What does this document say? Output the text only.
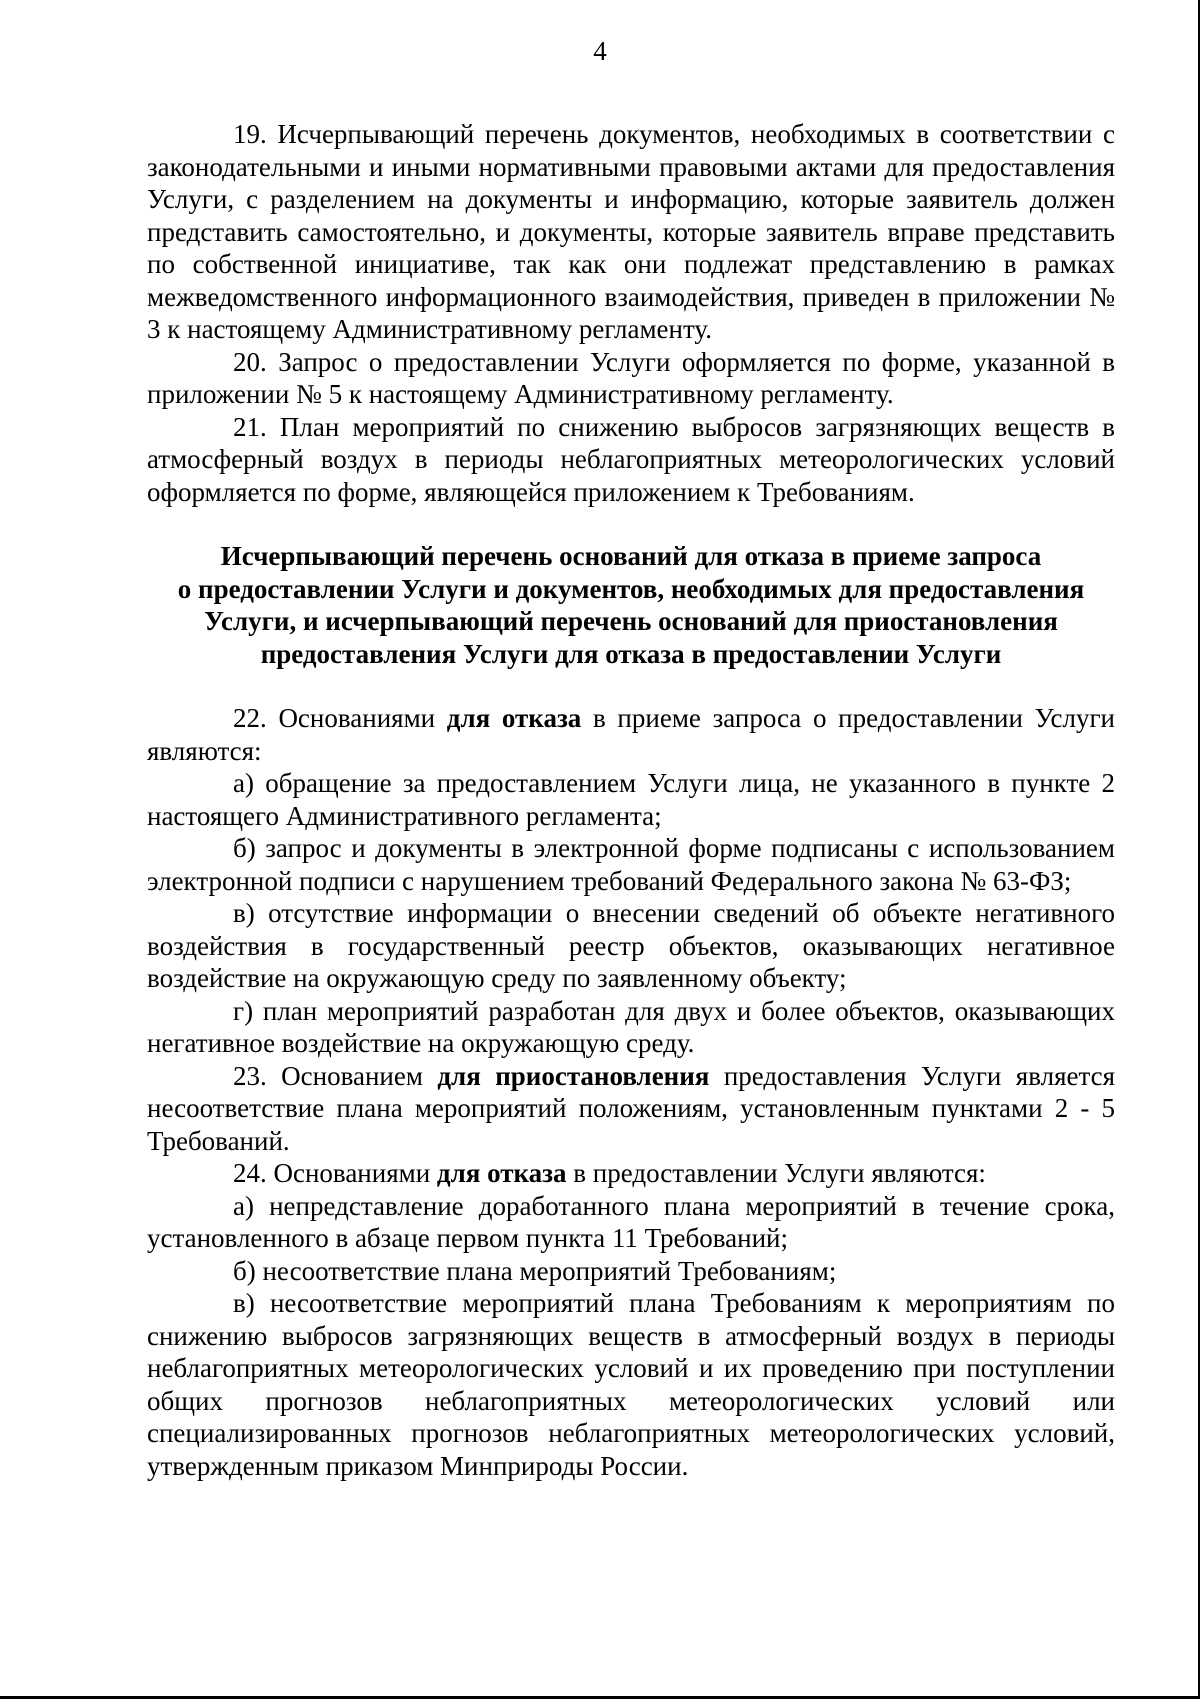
4

19. Исчерпывающий перечень документов, необходимых в соответствии с законодательными и иными нормативными правовыми актами для предоставления Услуги, с разделением на документы и информацию, которые заявитель должен представить самостоятельно, и документы, которые заявитель вправе представить по собственной инициативе, так как они подлежат представлению в рамках межведомственного информационного взаимодействия, приведен в приложении № 3 к настоящему Административному регламенту.

20. Запрос о предоставлении Услуги оформляется по форме, указанной в приложении № 5 к настоящему Административному регламенту.

21. План мероприятий по снижению выбросов загрязняющих веществ в атмосферный воздух в периоды неблагоприятных метеорологических условий оформляется по форме, являющейся приложением к Требованиям.

Исчерпывающий перечень оснований для отказа в приеме запроса
о предоставлении Услуги и документов, необходимых для предоставления
Услуги, и исчерпывающий перечень оснований для приостановления
предоставления Услуги для отказа в предоставлении Услуги

22. Основаниями для отказа в приеме запроса о предоставлении Услуги являются:

а) обращение за предоставлением Услуги лица, не указанного в пункте 2 настоящего Административного регламента;

б) запрос и документы в электронной форме подписаны с использованием электронной подписи с нарушением требований Федерального закона № 63-ФЗ;

в) отсутствие информации о внесении сведений об объекте негативного воздействия в государственный реестр объектов, оказывающих негативное воздействие на окружающую среду по заявленному объекту;

г) план мероприятий разработан для двух и более объектов, оказывающих негативное воздействие на окружающую среду.

23. Основанием для приостановления предоставления Услуги является несоответствие плана мероприятий положениям, установленным пунктами 2 - 5 Требований.

24. Основаниями для отказа в предоставлении Услуги являются:

а) непредставление доработанного плана мероприятий в течение срока, установленного в абзаце первом пункта 11 Требований;

б) несоответствие плана мероприятий Требованиям;

в) несоответствие мероприятий плана Требованиям к мероприятиям по снижению выбросов загрязняющих веществ в атмосферный воздух в периоды неблагоприятных метеорологических условий и их проведению при поступлении общих прогнозов неблагоприятных метеорологических условий или специализированных прогнозов неблагоприятных метеорологических условий, утвержденным приказом Минприроды России.
